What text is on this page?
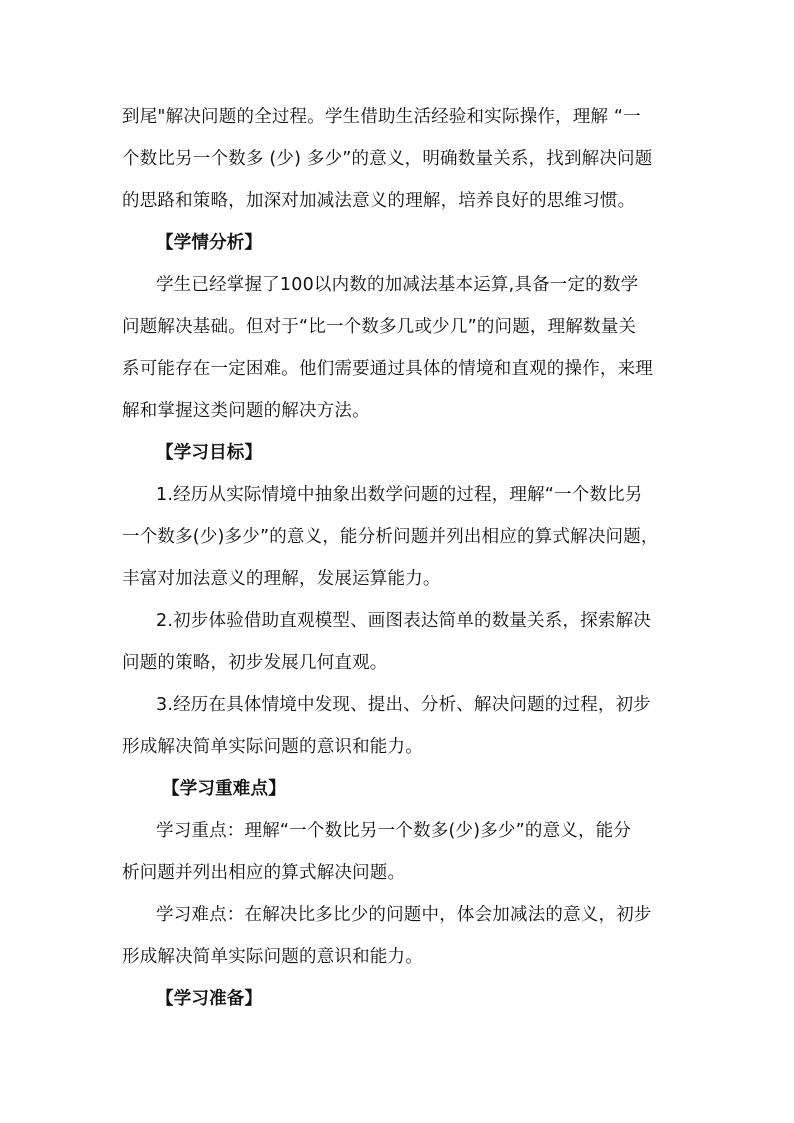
到尾"解决问题的全过程。学生借助生活经验和实际操作，理解 “一
个数比另一个数多 (少) 多少”的意义，明确数量关系，找到解决问题
的思路和策略，加深对加减法意义的理解，培养良好的思维习惯。
【学情分析】
学生已经掌握了100以内数的加减法基本运算,具备一定的数学
问题解决基础。但对于“比一个数多几或少几”的问题，理解数量关
系可能存在一定困难。他们需要通过具体的情境和直观的操作，来理
解和掌握这类问题的解决方法。
【学习目标】
1.经历从实际情境中抽象出数学问题的过程，理解“一个数比另
一个数多(少)多少”的意义，能分析问题并列出相应的算式解决问题，
丰富对加法意义的理解，发展运算能力。
2.初步体验借助直观模型、画图表达简单的数量关系，探索解决
问题的策略，初步发展几何直观。
3.经历在具体情境中发现、提出、分析、解决问题的过程，初步
形成解决简单实际问题的意识和能力。
【学习重难点】
学习重点：理解“一个数比另一个数多(少)多少”的意义，能分
析问题并列出相应的算式解决问题。
学习难点：在解决比多比少的问题中，体会加减法的意义，初步
形成解决简单实际问题的意识和能力。
【学习准备】
